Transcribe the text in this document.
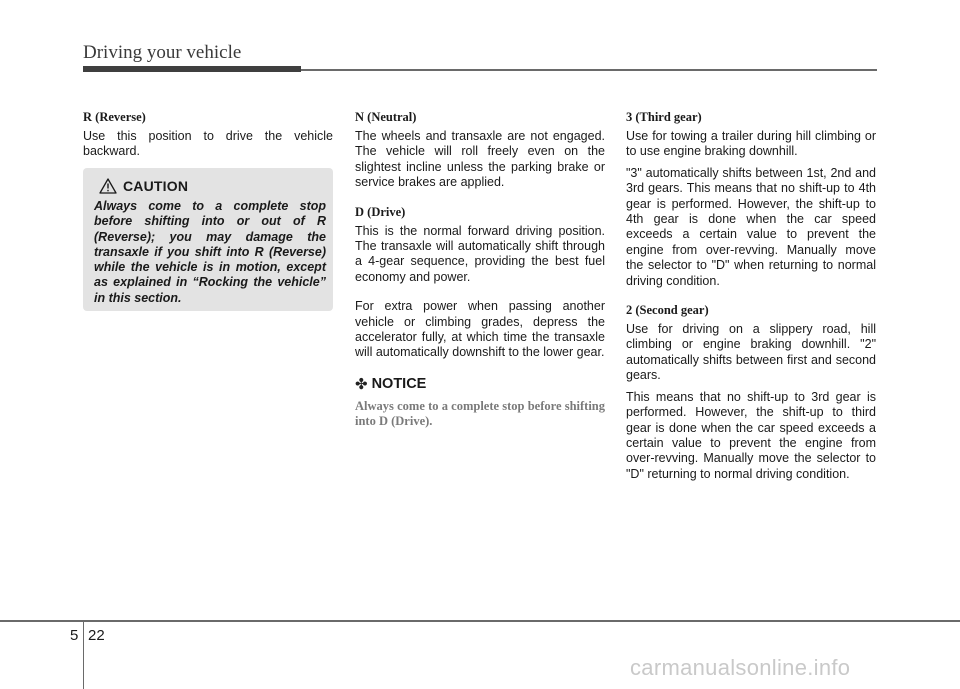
Driving your vehicle

R (Reverse)

Use this position to drive the vehicle backward.

CAUTION

Always come to a complete stop before shifting into or out of R (Reverse); you may damage the transaxle if you shift into R (Reverse) while the vehicle is in motion, except as explained in “Rocking the vehicle” in this section.

N (Neutral)

The wheels and transaxle are not engaged. The vehicle will roll freely even on the slightest incline unless the parking brake or service brakes are applied.

D (Drive)

This is the normal forward driving position. The transaxle will automatically shift through a 4-gear sequence, providing the best fuel economy and power.

For extra power when passing another vehicle or climbing grades, depress the accelerator fully, at which time the transaxle will automatically downshift to the lower gear.

✤ NOTICE

Always come to a complete stop before shifting into D (Drive).

3 (Third gear)

Use for towing a trailer during hill climbing or to use engine braking downhill.

"3" automatically shifts between 1st, 2nd and 3rd gears. This means that no shift-up to 4th gear is performed. However, the shift-up to 4th gear is done when the car speed exceeds a certain value to prevent the engine from over-revving. Manually move the selector to "D" when returning to normal driving condition.

2 (Second gear)

Use for driving on a slippery road, hill climbing or engine braking downhill. "2" automatically shifts between first and second gears.

This means that no shift-up to 3rd gear is performed. However, the shift-up to third gear is done when the car speed exceeds a certain value to prevent the engine from over-revving. Manually move the selector to "D" returning to normal driving condition.

5 22
carmanualsonline.info
